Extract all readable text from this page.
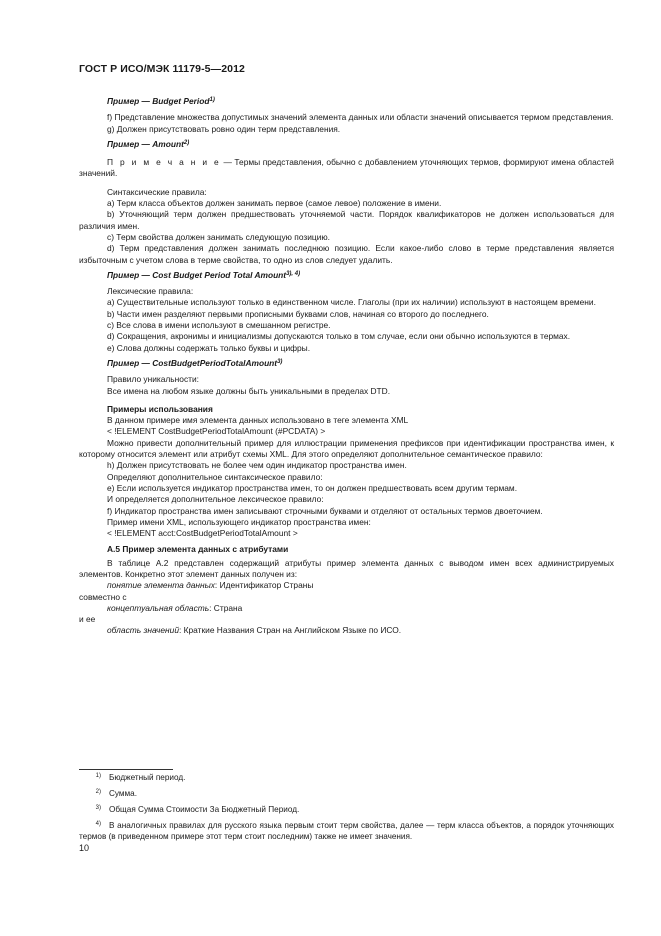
ГОСТ Р ИСО/МЭК 11179-5—2012

Пример — Budget Period$^{1)}$

f) Представление множества допустимых значений элемента данных или области значений описывается термом представления.

g) Должен присутствовать ровно один терм представления.

Пример — Amount$^{2)}$

П р и м е ч а н и е — Термы представления, обычно с добавлением уточняющих термов, формируют имена областей значений.

Синтаксические правила:

а) Терм класса объектов должен занимать первое (самое левое) положение в имени.

b) Уточняющий терм должен предшествовать уточняемой части. Порядок квалификаторов не должен использоваться для различия имен.

c) Терм свойства должен занимать следующую позицию.

d) Терм представления должен занимать последнюю позицию. Если какое-либо слово в терме представления является избыточным с учетом слова в терме свойства, то одно из слов следует удалить.

Пример — Cost Budget Period Total Amount$^{3), 4)}$

Лексические правила:

а) Существительные используют только в единственном числе. Глаголы (при их наличии) используют в настоящем времени.

b) Части имен разделяют первыми прописными буквами слов, начиная со второго до последнего.

c) Все слова в имени используют в смешанном регистре.

d) Сокращения, акронимы и инициализмы допускаются только в том случае, если они обычно используются в термах.

e) Слова должны содержать только буквы и цифры.

Пример — CostBudgetPeriodTotalAmount$^{3)}$

Правило уникальности:

Все имена на любом языке должны быть уникальными в пределах DTD.

Примеры использования

В данном примере имя элемента данных использовано в теге элемента XML

< !ELEMENT CostBudgetPeriodTotalAmount (#PCDATA) >

Можно привести дополнительный пример для иллюстрации применения префиксов при идентификации пространства имен, к которому относится элемент или атрибут схемы XML. Для этого определяют дополнительное семантическое правило:

h) Должен присутствовать не более чем один индикатор пространства имен.

Определяют дополнительное синтаксическое правило:

e) Если используется индикатор пространства имен, то он должен предшествовать всем другим термам.

И определяется дополнительное лексическое правило:

f) Индикатор пространства имен записывают строчными буквами и отделяют от остальных термов двоеточием.

Пример имени XML, использующего индикатор пространства имен:

< !ELEMENT acct:CostBudgetPeriodTotalAmount >

A.5 Пример элемента данных с атрибутами

В таблице А.2 представлен содержащий атрибуты пример элемента данных с выводом имен всех администрируемых элементов. Конкретно этот элемент данных получен из:

понятие элемента данных: Идентификатор Страны

совместно с

концептуальная область: Страна

и ее

область значений: Краткие Названия Стран на Английском Языке по ИСО.

1) Бюджетный период.

2) Сумма.

3) Общая Сумма Стоимости За Бюджетный Период.

4) В аналогичных правилах для русского языка первым стоит терм свойства, далее — терм класса объектов, а порядок уточняющих термов (в приведенном примере этот терм стоит последним) также не имеет значения.

10
